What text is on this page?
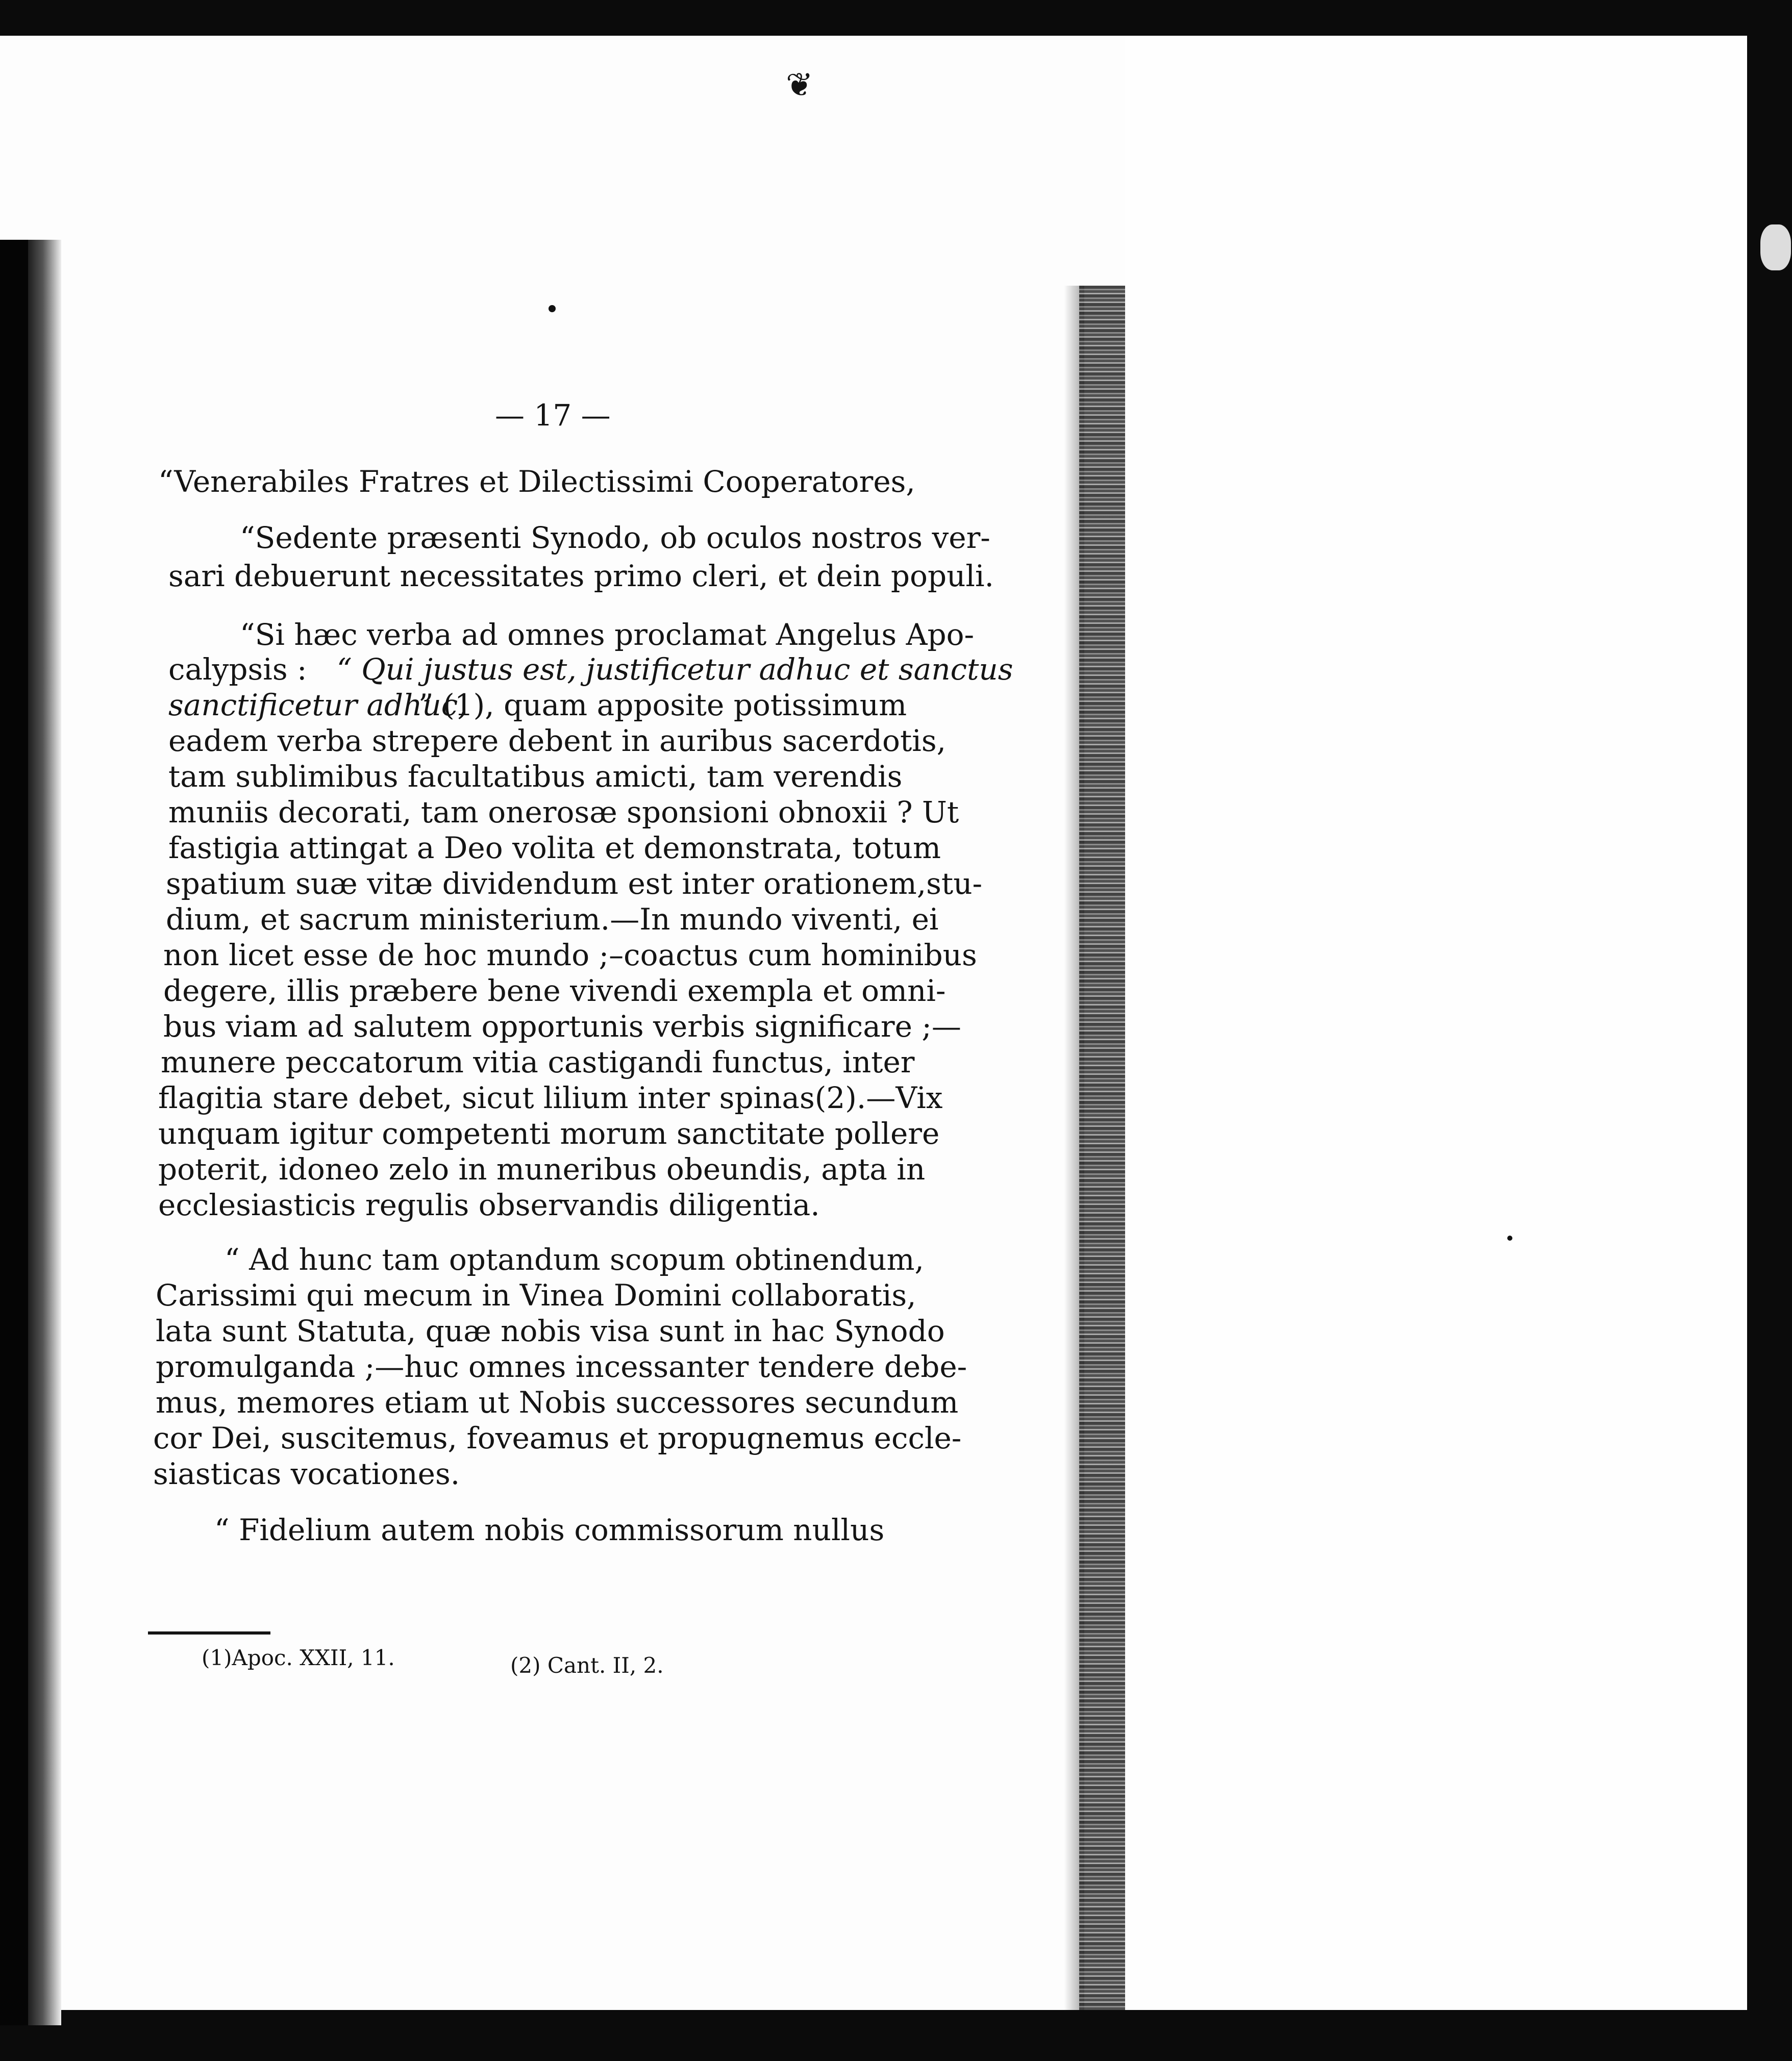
❦
— 17 —
“Venerabiles Fratres et Dilectissimi Cooperatores,
“Sedente præsenti Synodo, ob oculos nostros ver-
sari debuerunt necessitates primo cleri, et dein populi.
“Si hæc verba ad omnes proclamat Angelus Apo-
calypsis : “ Qui justus est, justificetur adhuc et sanctus
sanctificetur adhuc,
” (1), quam apposite potissimum
eadem verba strepere debent in auribus sacerdotis,
tam sublimibus facultatibus amicti, tam verendis
muniis decorati, tam onerosæ sponsioni obnoxii ? Ut
fastigia attingat a Deo volita et demonstrata, totum
spatium suæ vitæ dividendum est inter orationem,stu-
dium, et sacrum ministerium.—In mundo viventi, ei
non licet esse de hoc mundo ;–coactus cum hominibus
degere, illis præbere bene vivendi exempla et omni-
bus viam ad salutem opportunis verbis significare ;—
munere peccatorum vitia castigandi functus, inter
flagitia stare debet, sicut lilium inter spinas(2).—Vix
unquam igitur competenti morum sanctitate pollere
poterit, idoneo zelo in muneribus obeundis, apta in
ecclesiasticis regulis observandis diligentia.
“ Ad hunc tam optandum scopum obtinendum,
Carissimi qui mecum in Vinea Domini collaboratis,
lata sunt Statuta, quæ nobis visa sunt in hac Synodo
promulganda ;—huc omnes incessanter tendere debe-
mus, memores etiam ut Nobis successores secundum
cor Dei, suscitemus, foveamus et propugnemus eccle-
siasticas vocationes.
“ Fidelium autem nobis commissorum nullus
(1)Apoc. XXII, 11.	(2) Cant. II, 2.
